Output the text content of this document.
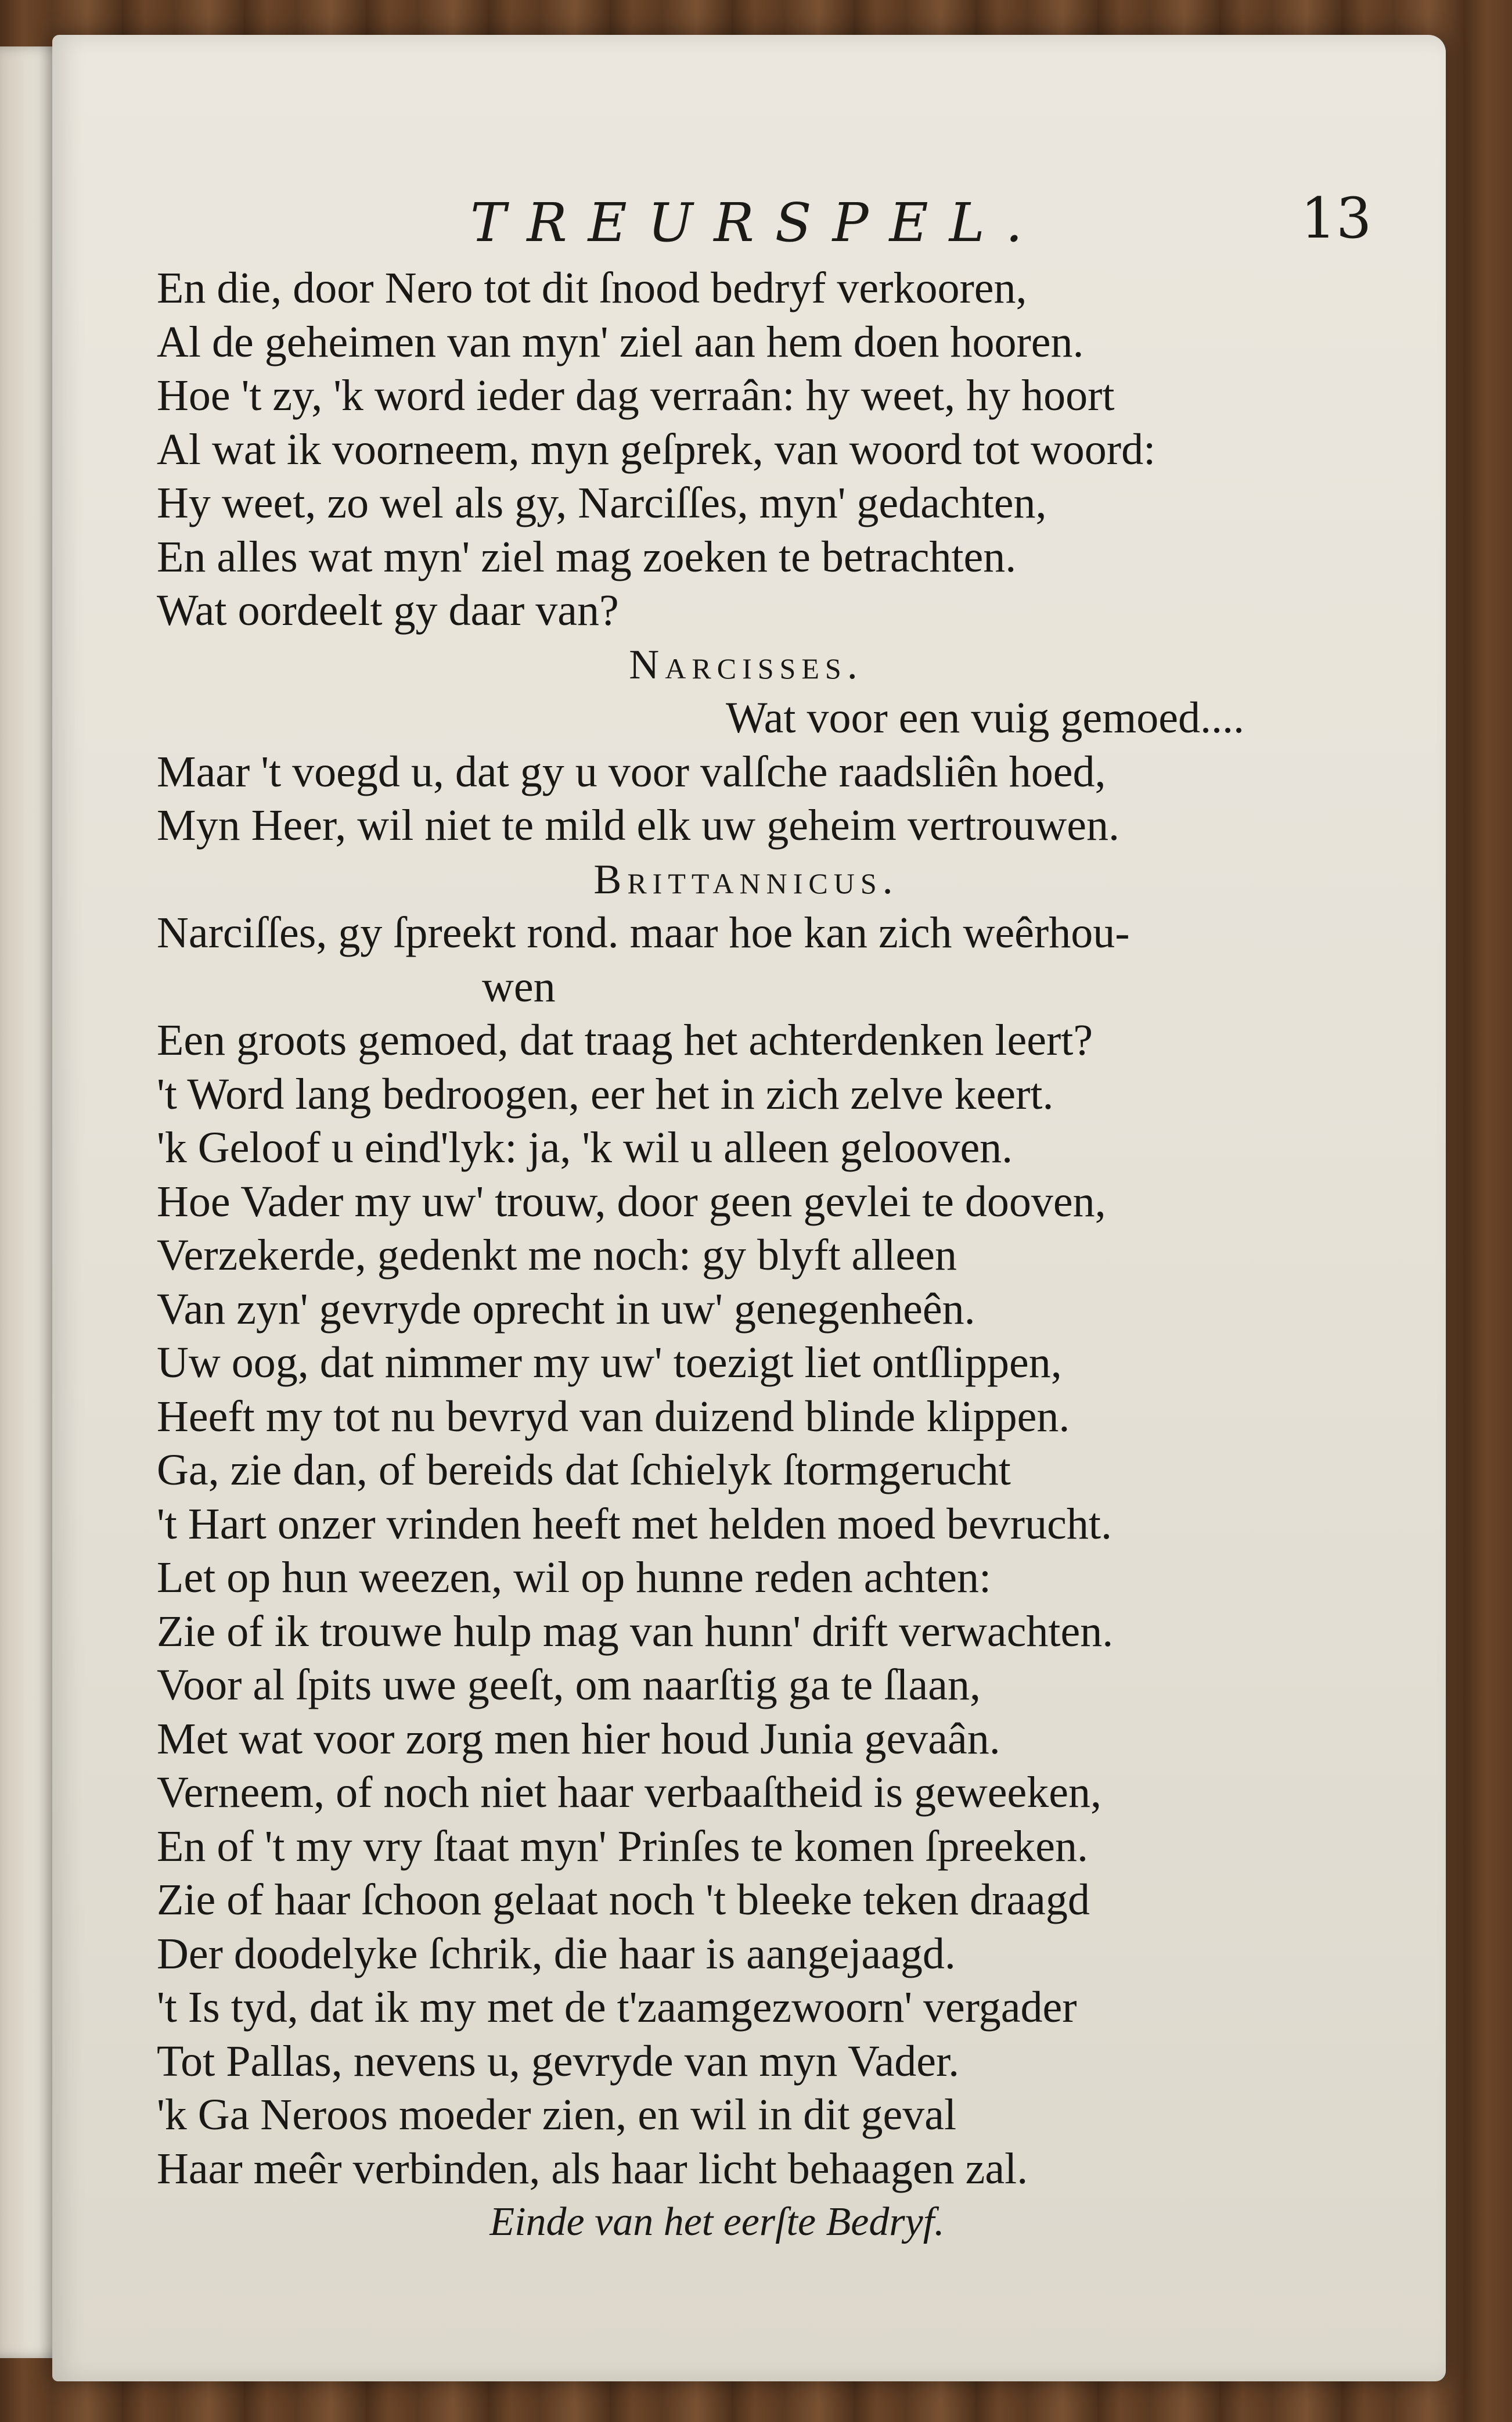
TREURSPEL.	13
En die, door Nero tot dit ſnood bedryf verkooren,
Al de geheimen van myn' ziel aan hem doen hooren.
Hoe 't zy, 'k word ieder dag verraân: hy weet, hy hoort
Al wat ik voorneem, myn geſprek, van woord tot woord:
Hy weet, zo wel als gy, Narciſſes, myn' gedachten,
En alles wat myn' ziel mag zoeken te betrachten.
Wat oordeelt gy daar van?
Narcisses.
Wat voor een vuig gemoed....
Maar 't voegd u, dat gy u voor valſche raadsliên hoed,
Myn Heer, wil niet te mild elk uw geheim vertrouwen.
Brittannicus.
Narciſſes, gy ſpreekt rond. maar hoe kan zich weêrhou-
wen
Een groots gemoed, dat traag het achterdenken leert?
't Word lang bedroogen, eer het in zich zelve keert.
'k Geloof u eind'lyk: ja, 'k wil u alleen gelooven.
Hoe Vader my uw' trouw, door geen gevlei te dooven,
Verzekerde, gedenkt me noch: gy blyft alleen
Van zyn' gevryde oprecht in uw' genegenheên.
Uw oog, dat nimmer my uw' toezigt liet ontſlippen,
Heeft my tot nu bevryd van duizend blinde klippen.
Ga, zie dan, of bereids dat ſchielyk ſtormgerucht
't Hart onzer vrinden heeft met helden moed bevrucht.
Let op hun weezen, wil op hunne reden achten:
Zie of ik trouwe hulp mag van hunn' drift verwachten.
Voor al ſpits uwe geeſt, om naarſtig ga te ſlaan,
Met wat voor zorg men hier houd Junia gevaân.
Verneem, of noch niet haar verbaaſtheid is geweeken,
En of 't my vry ſtaat myn' Prinſes te komen ſpreeken.
Zie of haar ſchoon gelaat noch 't bleeke teken draagd
Der doodelyke ſchrik, die haar is aangejaagd.
't Is tyd, dat ik my met de t'zaamgezwoorn' vergader
Tot Pallas, nevens u, gevryde van myn Vader.
'k Ga Neroos moeder zien, en wil in dit geval
Haar meêr verbinden, als haar licht behaagen zal.
Einde van het eerſte Bedryf.
